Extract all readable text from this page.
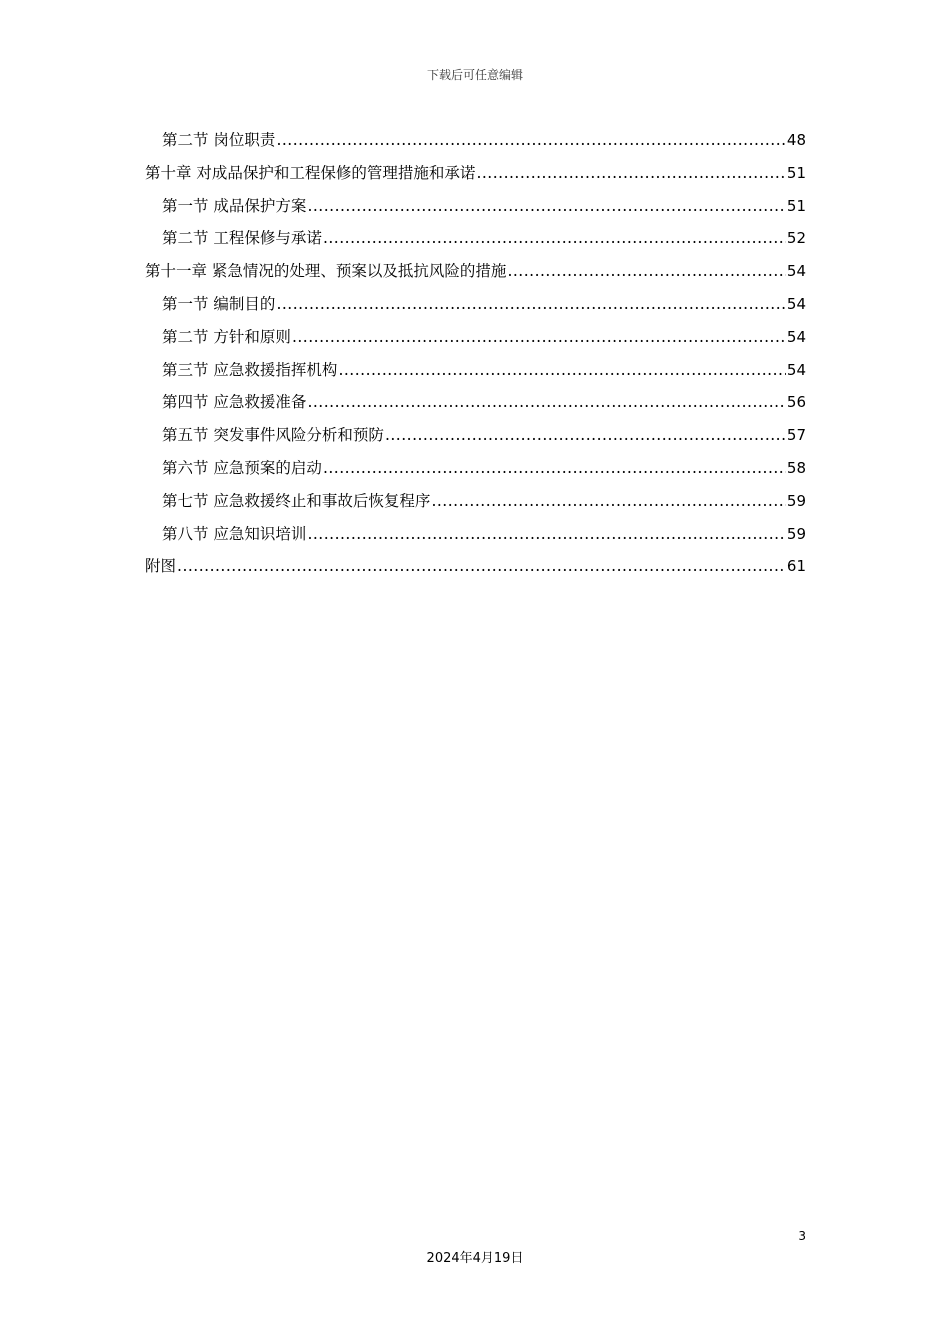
下载后可任意编辑
第二节 岗位职责 .....	48
第十章 对成品保护和工程保修的管理措施和承诺 .....	51
第一节 成品保护方案 .....	51
第二节 工程保修与承诺 .....	52
第十一章 紧急情况的处理、预案以及抵抗风险的措施 .....	54
第一节 编制目的 .....	54
第二节 方针和原则 .....	54
第三节 应急救援指挥机构 .....	54
第四节 应急救援准备 .....	56
第五节 突发事件风险分析和预防 .....	57
第六节 应急预案的启动 .....	58
第七节 应急救援终止和事故后恢复程序 .....	59
第八节 应急知识培训 .....	59
附图 .....	61
3
2024年4月19日
